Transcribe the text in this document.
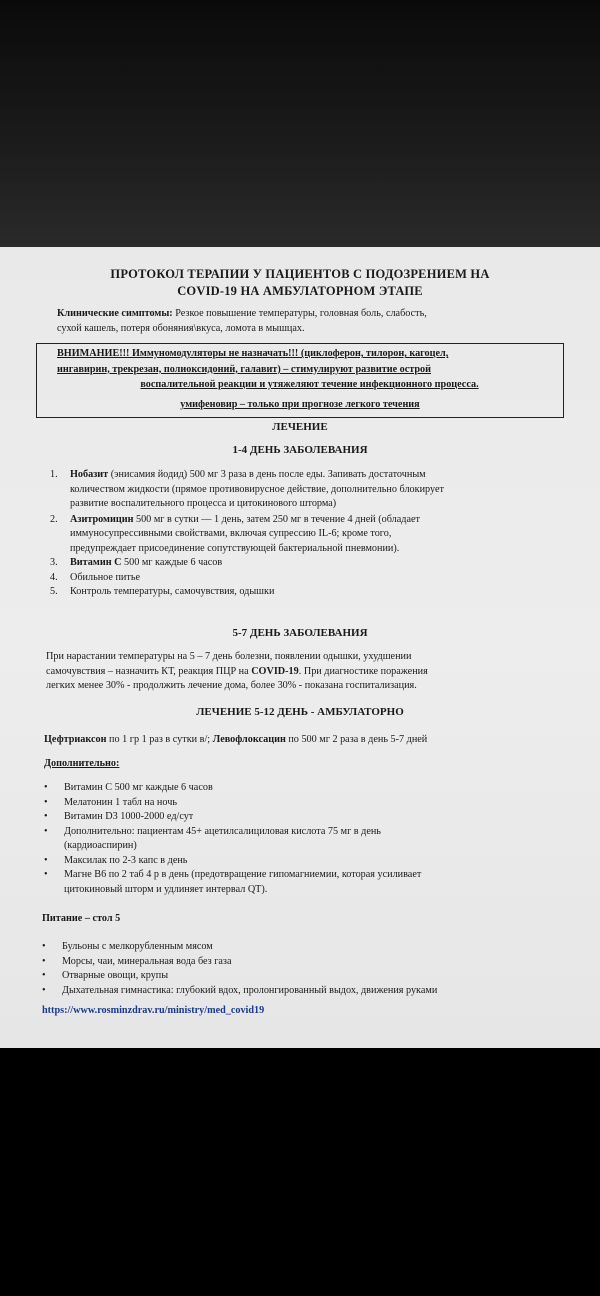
ПРОТОКОЛ ТЕРАПИИ У ПАЦИЕНТОВ С ПОДОЗРЕНИЕМ НА
COVID-19 НА АМБУЛАТОРНОМ ЭТАПЕ
Клинические симптомы: Резкое повышение температуры, головная боль, слабость,
сухой кашель, потеря обоняния\вкуса, ломота в мышцах.
ВНИМАНИЕ!!! Иммуномодуляторы не назначать!!! (циклоферон, тилорон, кагоцел,
ингавирин, трекрезан, полиоксидоний, галавит) – стимулируют развитие острой
воспалительной реакции и утяжеляют течение инфекционного процесса.
умифеновир – только при прогнозе легкого течения
ЛЕЧЕНИЕ
1-4 ДЕНЬ ЗАБОЛЕВАНИЯ
1. Нобазит (энисамия йодид) 500 мг 3 раза в день после еды. Запивать достаточным
количеством жидкости (прямое противовирусное действие, дополнительно блокирует
развитие воспалительного процесса и цитокинового шторма)
2. Азитромицин 500 мг в сутки — 1 день, затем 250 мг в течение 4 дней (обладает
иммуносупрессивными свойствами, включая супрессию IL-6; кроме того,
предупреждает присоединение сопутствующей бактериальной пневмонии).
3. Витамин С 500 мг каждые 6 часов
4. Обильное питье
5. Контроль температуры, самочувствия, одышки
5-7 ДЕНЬ ЗАБОЛЕВАНИЯ
При нарастании температуры на 5 – 7 день болезни, появлении одышки, ухудшении
самочувствия – назначить КТ, реакция ПЦР на COVID-19. При диагностике поражения
легких менее 30% - продолжить лечение дома, более 30% - показана госпитализация.
ЛЕЧЕНИЕ 5-12 ДЕНЬ - АМБУЛАТОРНО
Цефтриаксон по 1 гр 1 раз в сутки в/; Левофлоксацин по 500 мг 2 раза в день 5-7 дней
Дополнительно:
• Витамин С 500 мг каждые 6 часов
• Мелатонин 1 табл на ночь
• Витамин D3 1000-2000 ед/сут
• Дополнительно: пациентам 45+ ацетилсалициловая кислота 75 мг в день
(кардиоаспирин)
• Максилак по 2-3 капс в день
• Магне В6 по 2 таб 4 р в день (предотвращение гипомагниемии, которая усиливает
цитокиновый шторм и удлиняет интервал QT).
Питание – стол 5
• Бульоны с мелкорубленным мясом
• Морсы, чаи, минеральная вода без газа
• Отварные овощи, крупы
• Дыхательная гимнастика: глубокий вдох, пролонгированный выдох, движения руками
https://www.rosminzdrav.ru/ministry/med_covid19
